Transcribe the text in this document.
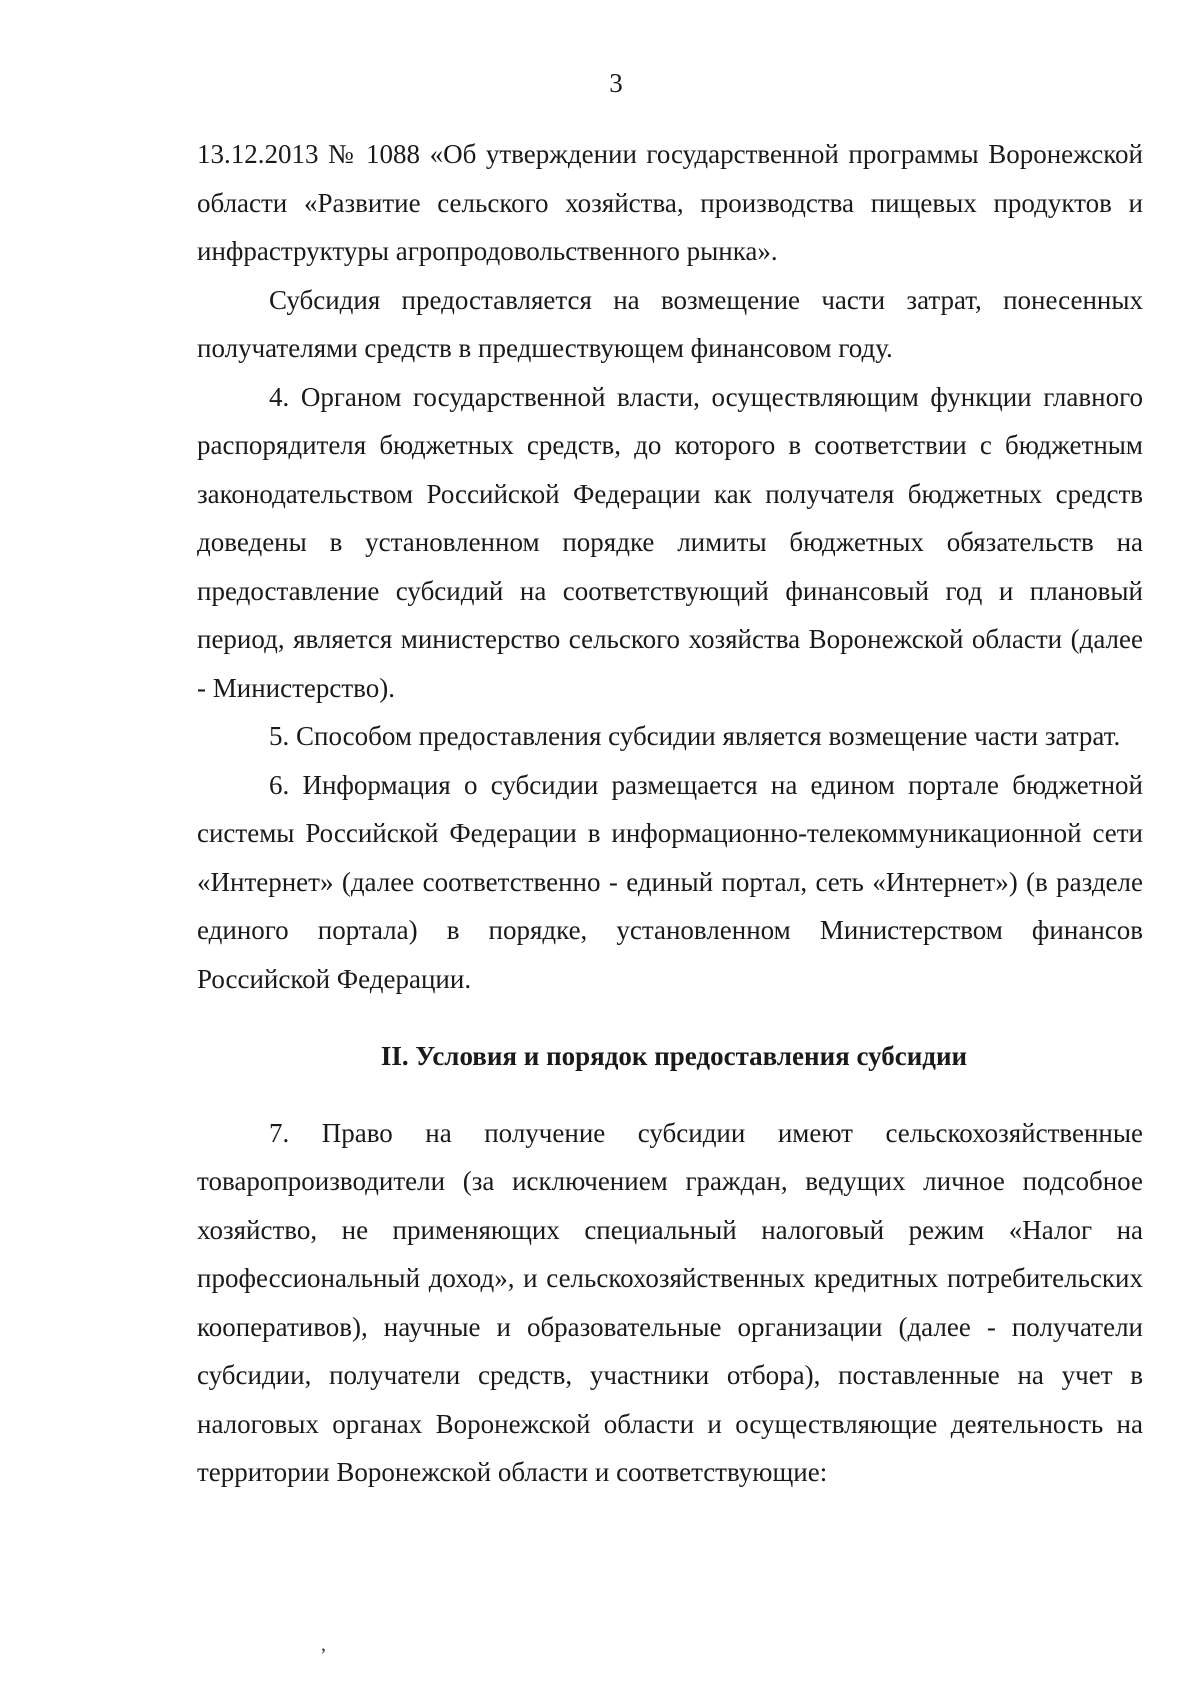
3

13.12.2013 № 1088 «Об утверждении государственной программы Воронежской области «Развитие сельского хозяйства, производства пищевых продуктов и инфраструктуры агропродовольственного рынка».

Субсидия предоставляется на возмещение части затрат, понесенных получателями средств в предшествующем финансовом году.

4. Органом государственной власти, осуществляющим функции главного распорядителя бюджетных средств, до которого в соответствии с бюджетным законодательством Российской Федерации как получателя бюджетных средств доведены в установленном порядке лимиты бюджетных обязательств на предоставление субсидий на соответствующий финансовый год и плановый период, является министерство сельского хозяйства Воронежской области (далее - Министерство).

5. Способом предоставления субсидии является возмещение части затрат.

6. Информация о субсидии размещается на едином портале бюджетной системы Российской Федерации в информационно-телекоммуникационной сети «Интернет» (далее соответственно - единый портал, сеть «Интернет») (в разделе единого портала) в порядке, установленном Министерством финансов Российской Федерации.

II. Условия и порядок предоставления субсидии

7. Право на получение субсидии имеют сельскохозяйственные товаропроизводители (за исключением граждан, ведущих личное подсобное хозяйство, не применяющих специальный налоговый режим «Налог на профессиональный доход», и сельскохозяйственных кредитных потребительских кооперативов), научные и образовательные организации (далее - получатели субсидии, получатели средств, участники отбора), поставленные на учет в налоговых органах Воронежской области и осуществляющие деятельность на территории Воронежской области и соответствующие:

ʼ
